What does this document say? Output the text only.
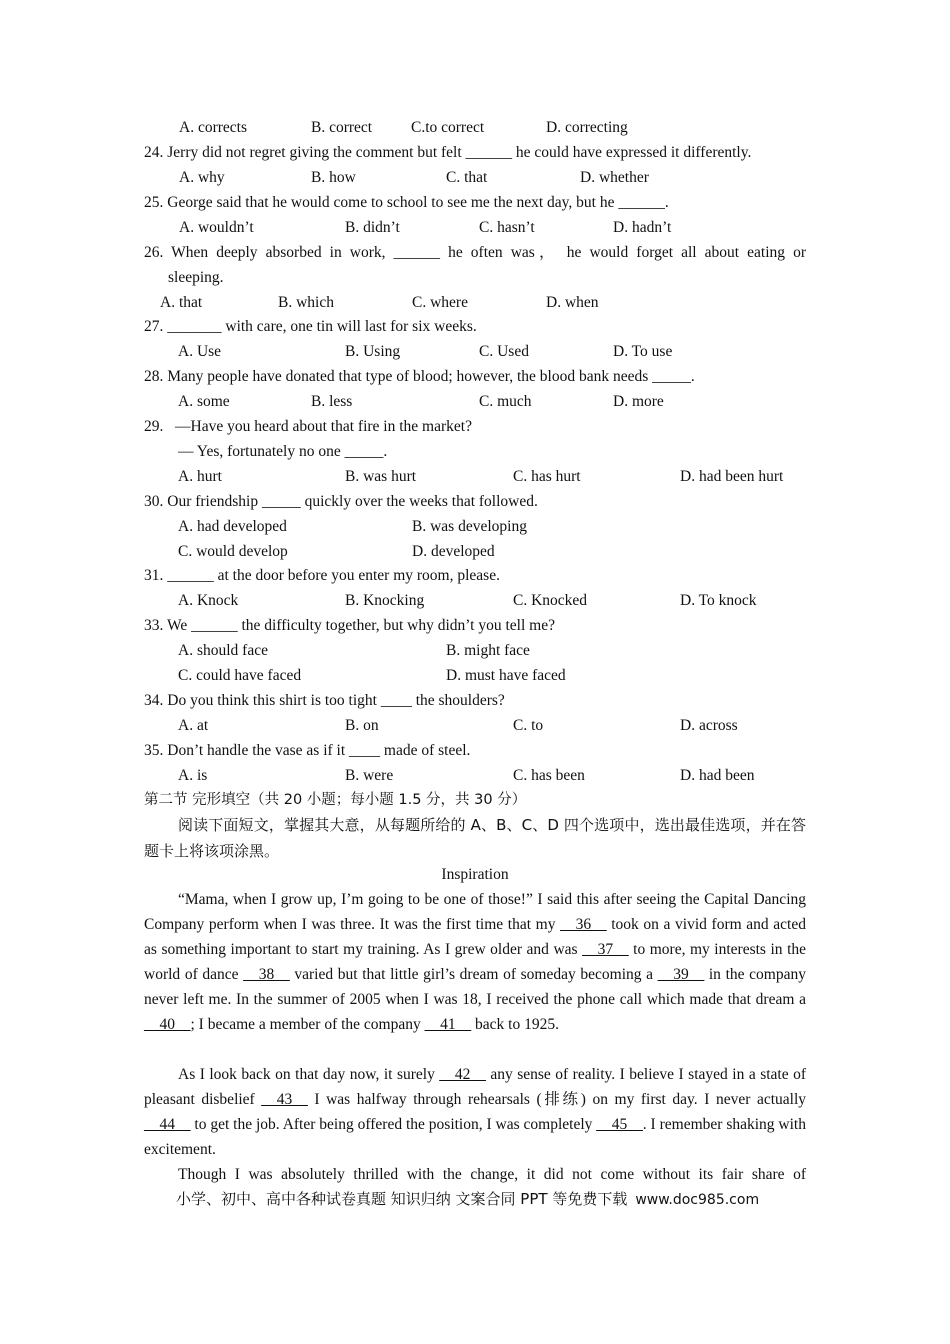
A. corrects	B. correct	C.to correct	D. correcting
24. Jerry did not regret giving the comment but felt ______ he could have expressed it differently.
A. why	B. how	C. that	D. whether
25. George said that he would come to school to see me the next day, but he ______.
A. wouldn’t	B. didn’t	C. hasn’t	D. hadn’t
26. When deeply absorbed in work, ______ he often was， he would forget all about eating or
sleeping.
A. that	B. which	C. where	D. when
27. _______ with care, one tin will last for six weeks.
A. Use	B. Using	C. Used	D. To use
28. Many people have donated that type of blood; however, the blood bank needs _____.
A. some	B. less	C. much	D. more
29.   —Have you heard about that fire in the market?
— Yes, fortunately no one _____.
A. hurt	B. was hurt	C. has hurt	D. had been hurt
30. Our friendship _____ quickly over the weeks that followed.
A. had developed	B. was developing
C. would develop	D. developed
31. ______ at the door before you enter my room, please.
A. Knock	B. Knocking	C. Knocked	D. To knock
33. We ______ the difficulty together, but why didn’t you tell me?
A. should face	B. might face
C. could have faced	D. must have faced
34. Do you think this shirt is too tight ____ the shoulders?
A. at	B. on	C. to	D. across
35. Don’t handle the vase as if it ____ made of steel.
A. is	B. were	C. has been	D. had been
第二节 完形填空（共 20 小题；每小题 1.5 分，共 30 分）
阅读下面短文，掌握其大意，从每题所给的 A、B、C、D 四个选项中，选出最佳选项，并在答题卡上将该项涂黑。
Inspiration
“Mama, when I grow up, I’m going to be one of those!” I said this after seeing the Capital Dancing Company perform when I was three. It was the first time that my __36__ took on a vivid form and acted as something important to start my training. As I grew older and was __37__ to more, my interests in the world of dance __38__ varied but that little girl’s dream of someday becoming a __39__ in the company never left me. In the summer of 2005 when I was 18, I received the phone call which made that dream a __40__; I became a member of the company __41__ back to 1925.
As I look back on that day now, it surely __42__ any sense of reality. I believe I stayed in a state of pleasant disbelief __43__ I was halfway through rehearsals (排练) on my first day. I never actually __44__ to get the job. After being offered the position, I was completely __45__. I remember shaking with excitement.
Though I was absolutely thrilled with the change, it did not come without its fair share of
小学、初中、高中各种试卷真题 知识归纳 文案合同 PPT 等免费下载 www.doc985.com
